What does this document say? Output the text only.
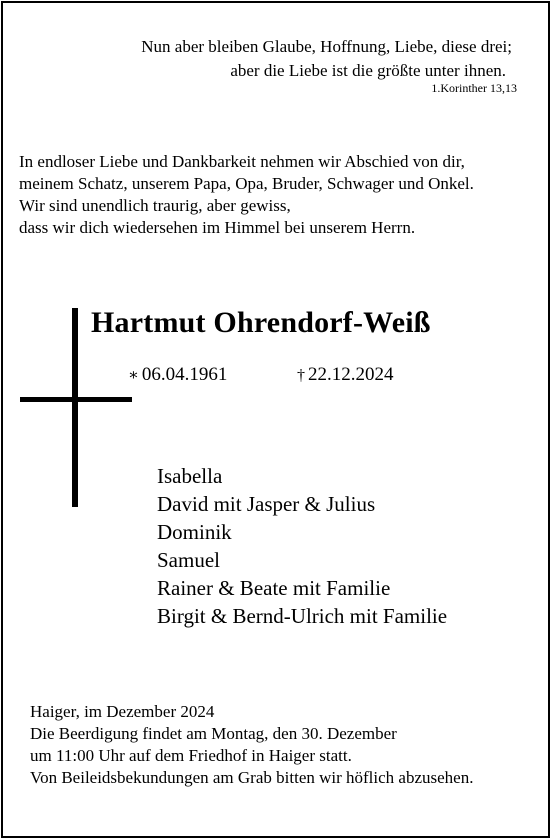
Nun aber bleiben Glaube, Hoffnung, Liebe, diese drei;
aber die Liebe ist die größte unter ihnen.
1.Korinther 13,13
In endloser Liebe und Dankbarkeit nehmen wir Abschied von dir,
meinem Schatz, unserem Papa, Opa, Bruder, Schwager und Onkel.
Wir sind unendlich traurig, aber gewiss,
dass wir dich wiedersehen im Himmel bei unserem Herrn.
Hartmut Ohrendorf-Weiß
∗ 06.04.1961	† 22.12.2024
Isabella
David mit Jasper & Julius
Dominik
Samuel
Rainer & Beate mit Familie
Birgit & Bernd-Ulrich mit Familie
Haiger, im Dezember 2024
Die Beerdigung findet am Montag, den 30. Dezember
um 11:00 Uhr auf dem Friedhof in Haiger statt.
Von Beileidsbekundungen am Grab bitten wir höflich abzusehen.
